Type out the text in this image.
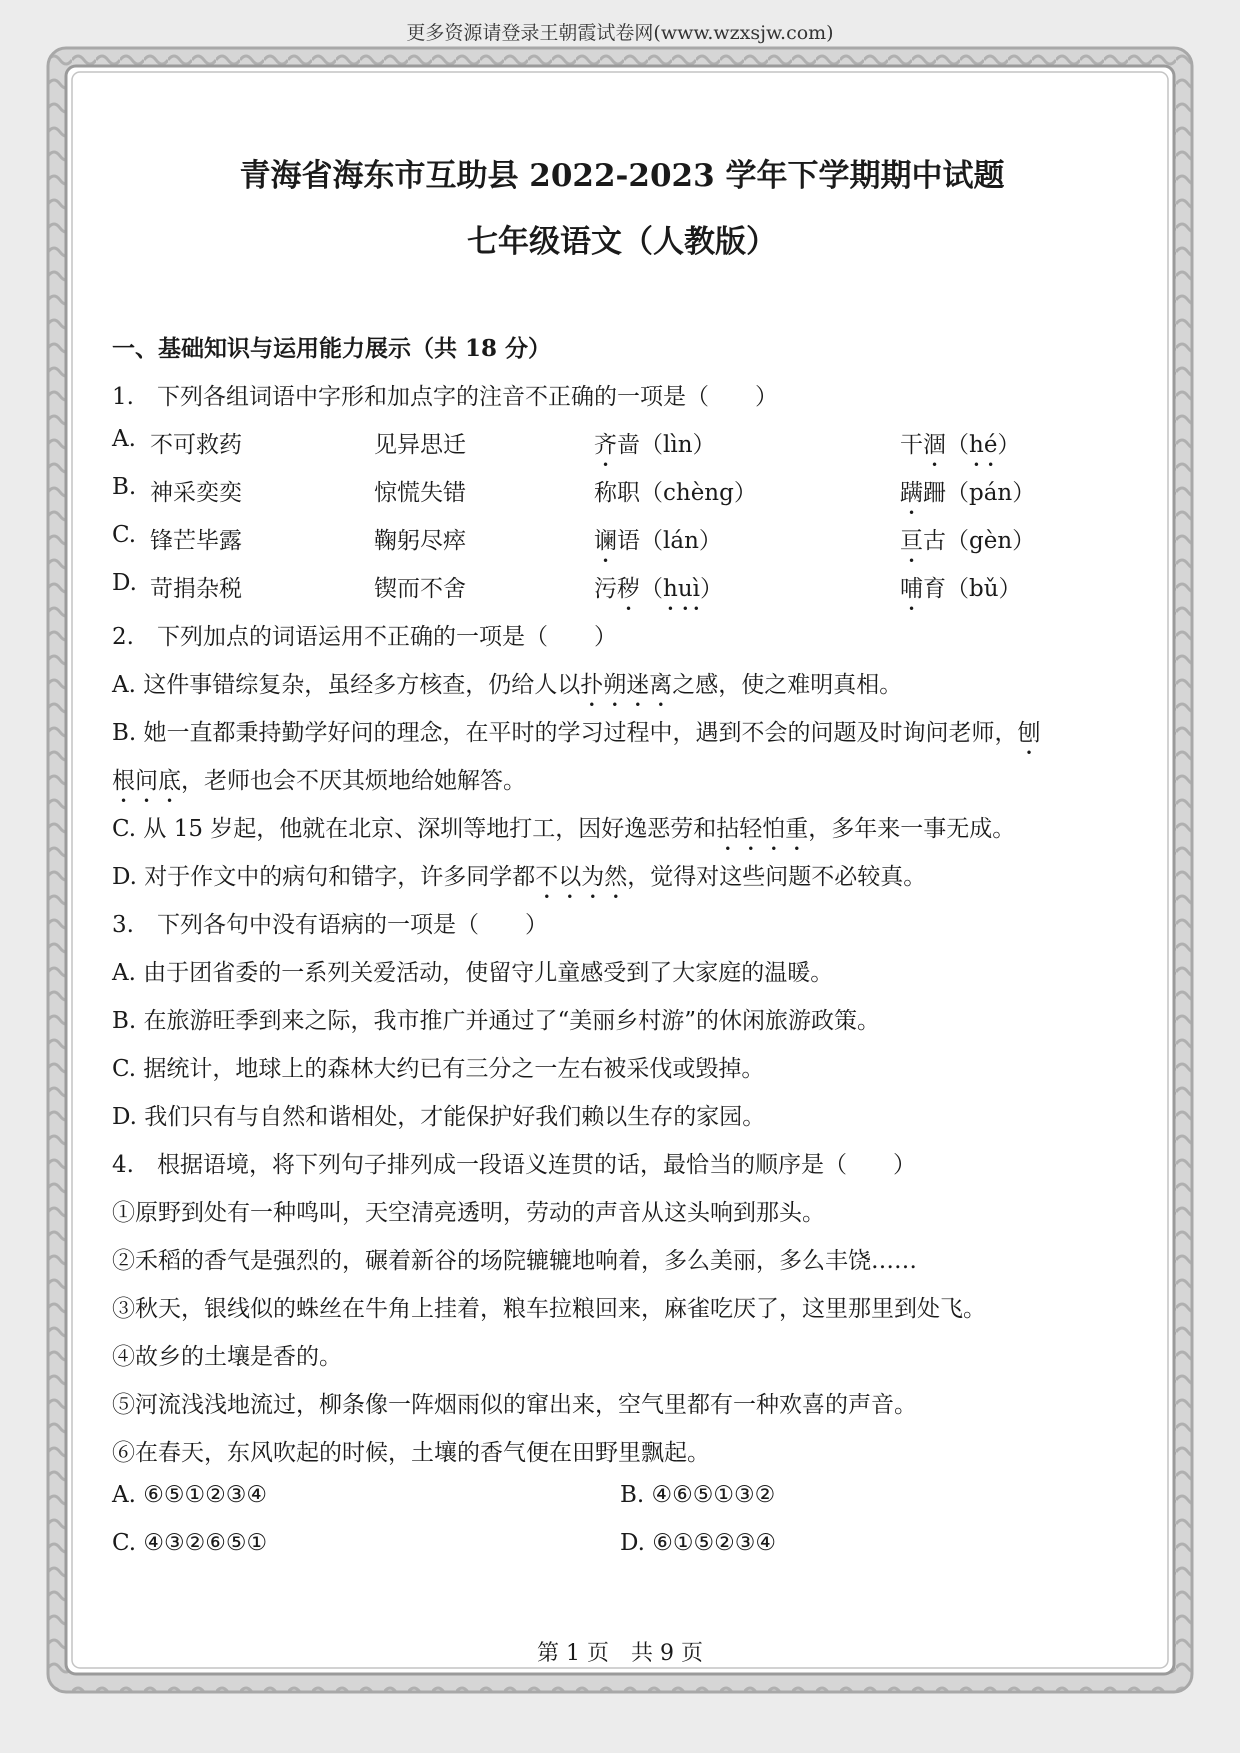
更多资源请登录王朝霞试卷网(www.wzxsjw.com)
青海省海东市互助县 2022-2023 学年下学期期中试题
七年级语文（人教版）
一、基础知识与运用能力展示（共 18 分）
1.　下列各组词语中字形和加点字的注音不正确的一项是（　　）
A. 不可救药	见异思迁	齐啬（lìn）	干涸（hé）
B. 神采奕奕	惊慌失错	称职（chèng）	蹒跚（pán）
C. 锋芒毕露	鞠躬尽瘁	谰语（lán）	亘古（gèn）
D. 苛捐杂税	锲而不舍	污秽（huì）	哺育（bǔ）
2.　下列加点的词语运用不正确的一项是（　　）
A. 这件事错综复杂，虽经多方核查，仍给人以扑朔迷离之感，使之难明真相。
B. 她一直都秉持勤学好问的理念，在平时的学习过程中，遇到不会的问题及时询问老师，刨
根问底，老师也会不厌其烦地给她解答。
C. 从 15 岁起，他就在北京、深圳等地打工，因好逸恶劳和拈轻怕重，多年来一事无成。
D. 对于作文中的病句和错字，许多同学都不以为然，觉得对这些问题不必较真。
3.　下列各句中没有语病的一项是（　　）
A. 由于团省委的一系列关爱活动，使留守儿童感受到了大家庭的温暖。
B. 在旅游旺季到来之际，我市推广并通过了“美丽乡村游”的休闲旅游政策。
C. 据统计，地球上的森林大约已有三分之一左右被采伐或毁掉。
D. 我们只有与自然和谐相处，才能保护好我们赖以生存的家园。
4.　根据语境，将下列句子排列成一段语义连贯的话，最恰当的顺序是（　　）
①原野到处有一种鸣叫，天空清亮透明，劳动的声音从这头响到那头。
②禾稻的香气是强烈的，碾着新谷的场院辘辘地响着，多么美丽，多么丰饶……
③秋天，银线似的蛛丝在牛角上挂着，粮车拉粮回来，麻雀吃厌了，这里那里到处飞。
④故乡的土壤是香的。
⑤河流浅浅地流过，柳条像一阵烟雨似的窜出来，空气里都有一种欢喜的声音。
⑥在春天，东风吹起的时候，土壤的香气便在田野里飘起。
A. ⑥⑤①②③④	B. ④⑥⑤①③②
C. ④③②⑥⑤①	D. ⑥①⑤②③④
第 1 页　共 9 页
